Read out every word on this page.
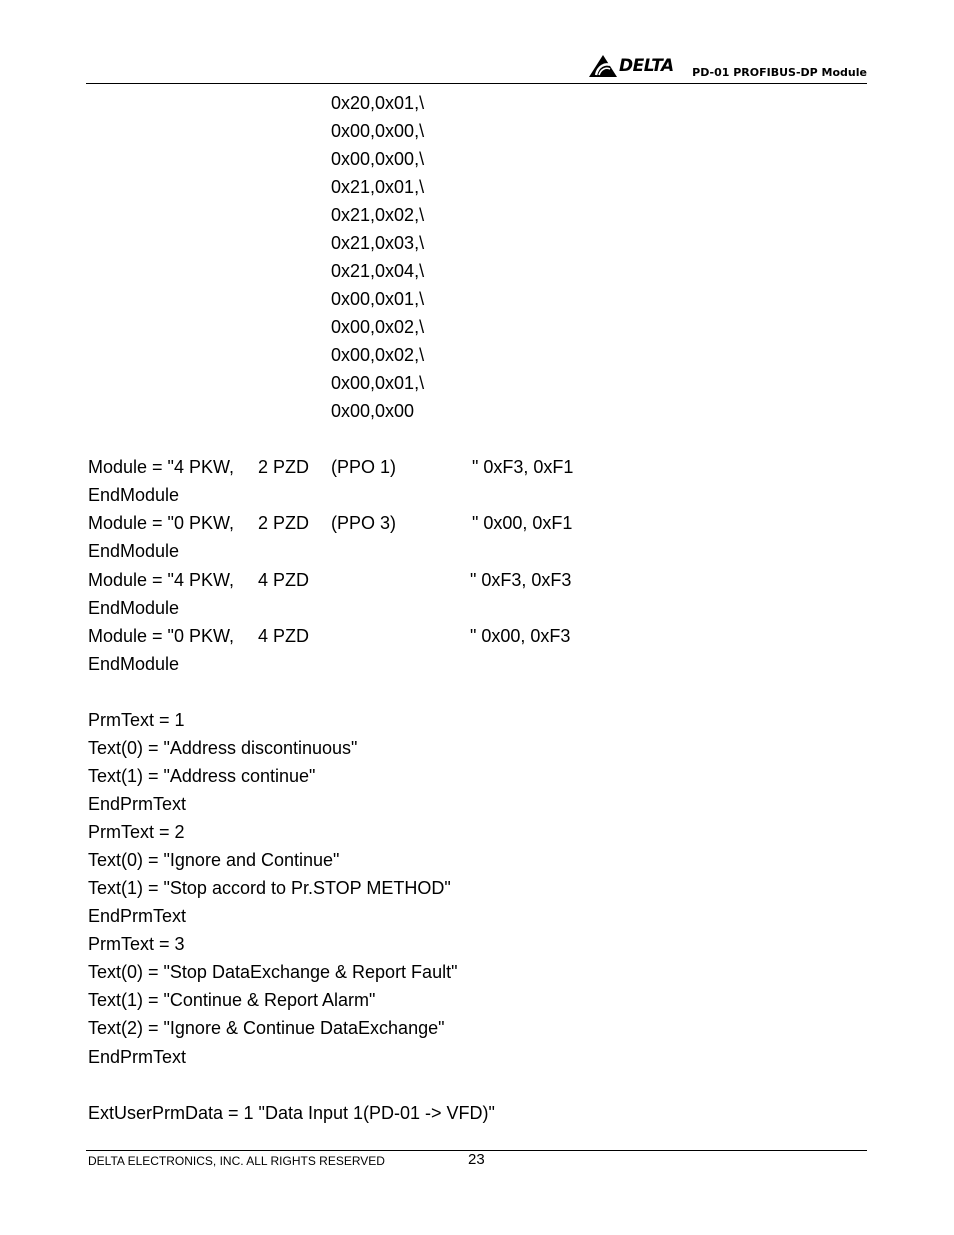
DELTA PD-01 PROFIBUS-DP Module
0x20,0x01,\
0x00,0x00,\
0x00,0x00,\
0x21,0x01,\
0x21,0x02,\
0x21,0x03,\
0x21,0x04,\
0x00,0x01,\
0x00,0x02,\
0x00,0x02,\
0x00,0x01,\
0x00,0x00
Module = "4 PKW, 2 PZD (PPO 1)	" 0xF3, 0xF1
EndModule
Module = "0 PKW, 2 PZD (PPO 3)	" 0x00, 0xF1
EndModule
Module = "4 PKW, 4 PZD	" 0xF3, 0xF3
EndModule
Module = "0 PKW, 4 PZD	" 0x00, 0xF3
EndModule
PrmText = 1
Text(0) = "Address discontinuous"
Text(1) = "Address continue"
EndPrmText
PrmText = 2
Text(0) = "Ignore and Continue"
Text(1) = "Stop accord to Pr.STOP METHOD"
EndPrmText
PrmText = 3
Text(0) = "Stop DataExchange & Report Fault"
Text(1) = "Continue & Report Alarm"
Text(2) = "Ignore & Continue DataExchange"
EndPrmText
ExtUserPrmData = 1 "Data Input 1(PD-01 -> VFD)"
DELTA ELECTRONICS, INC. ALL RIGHTS RESERVED	23
